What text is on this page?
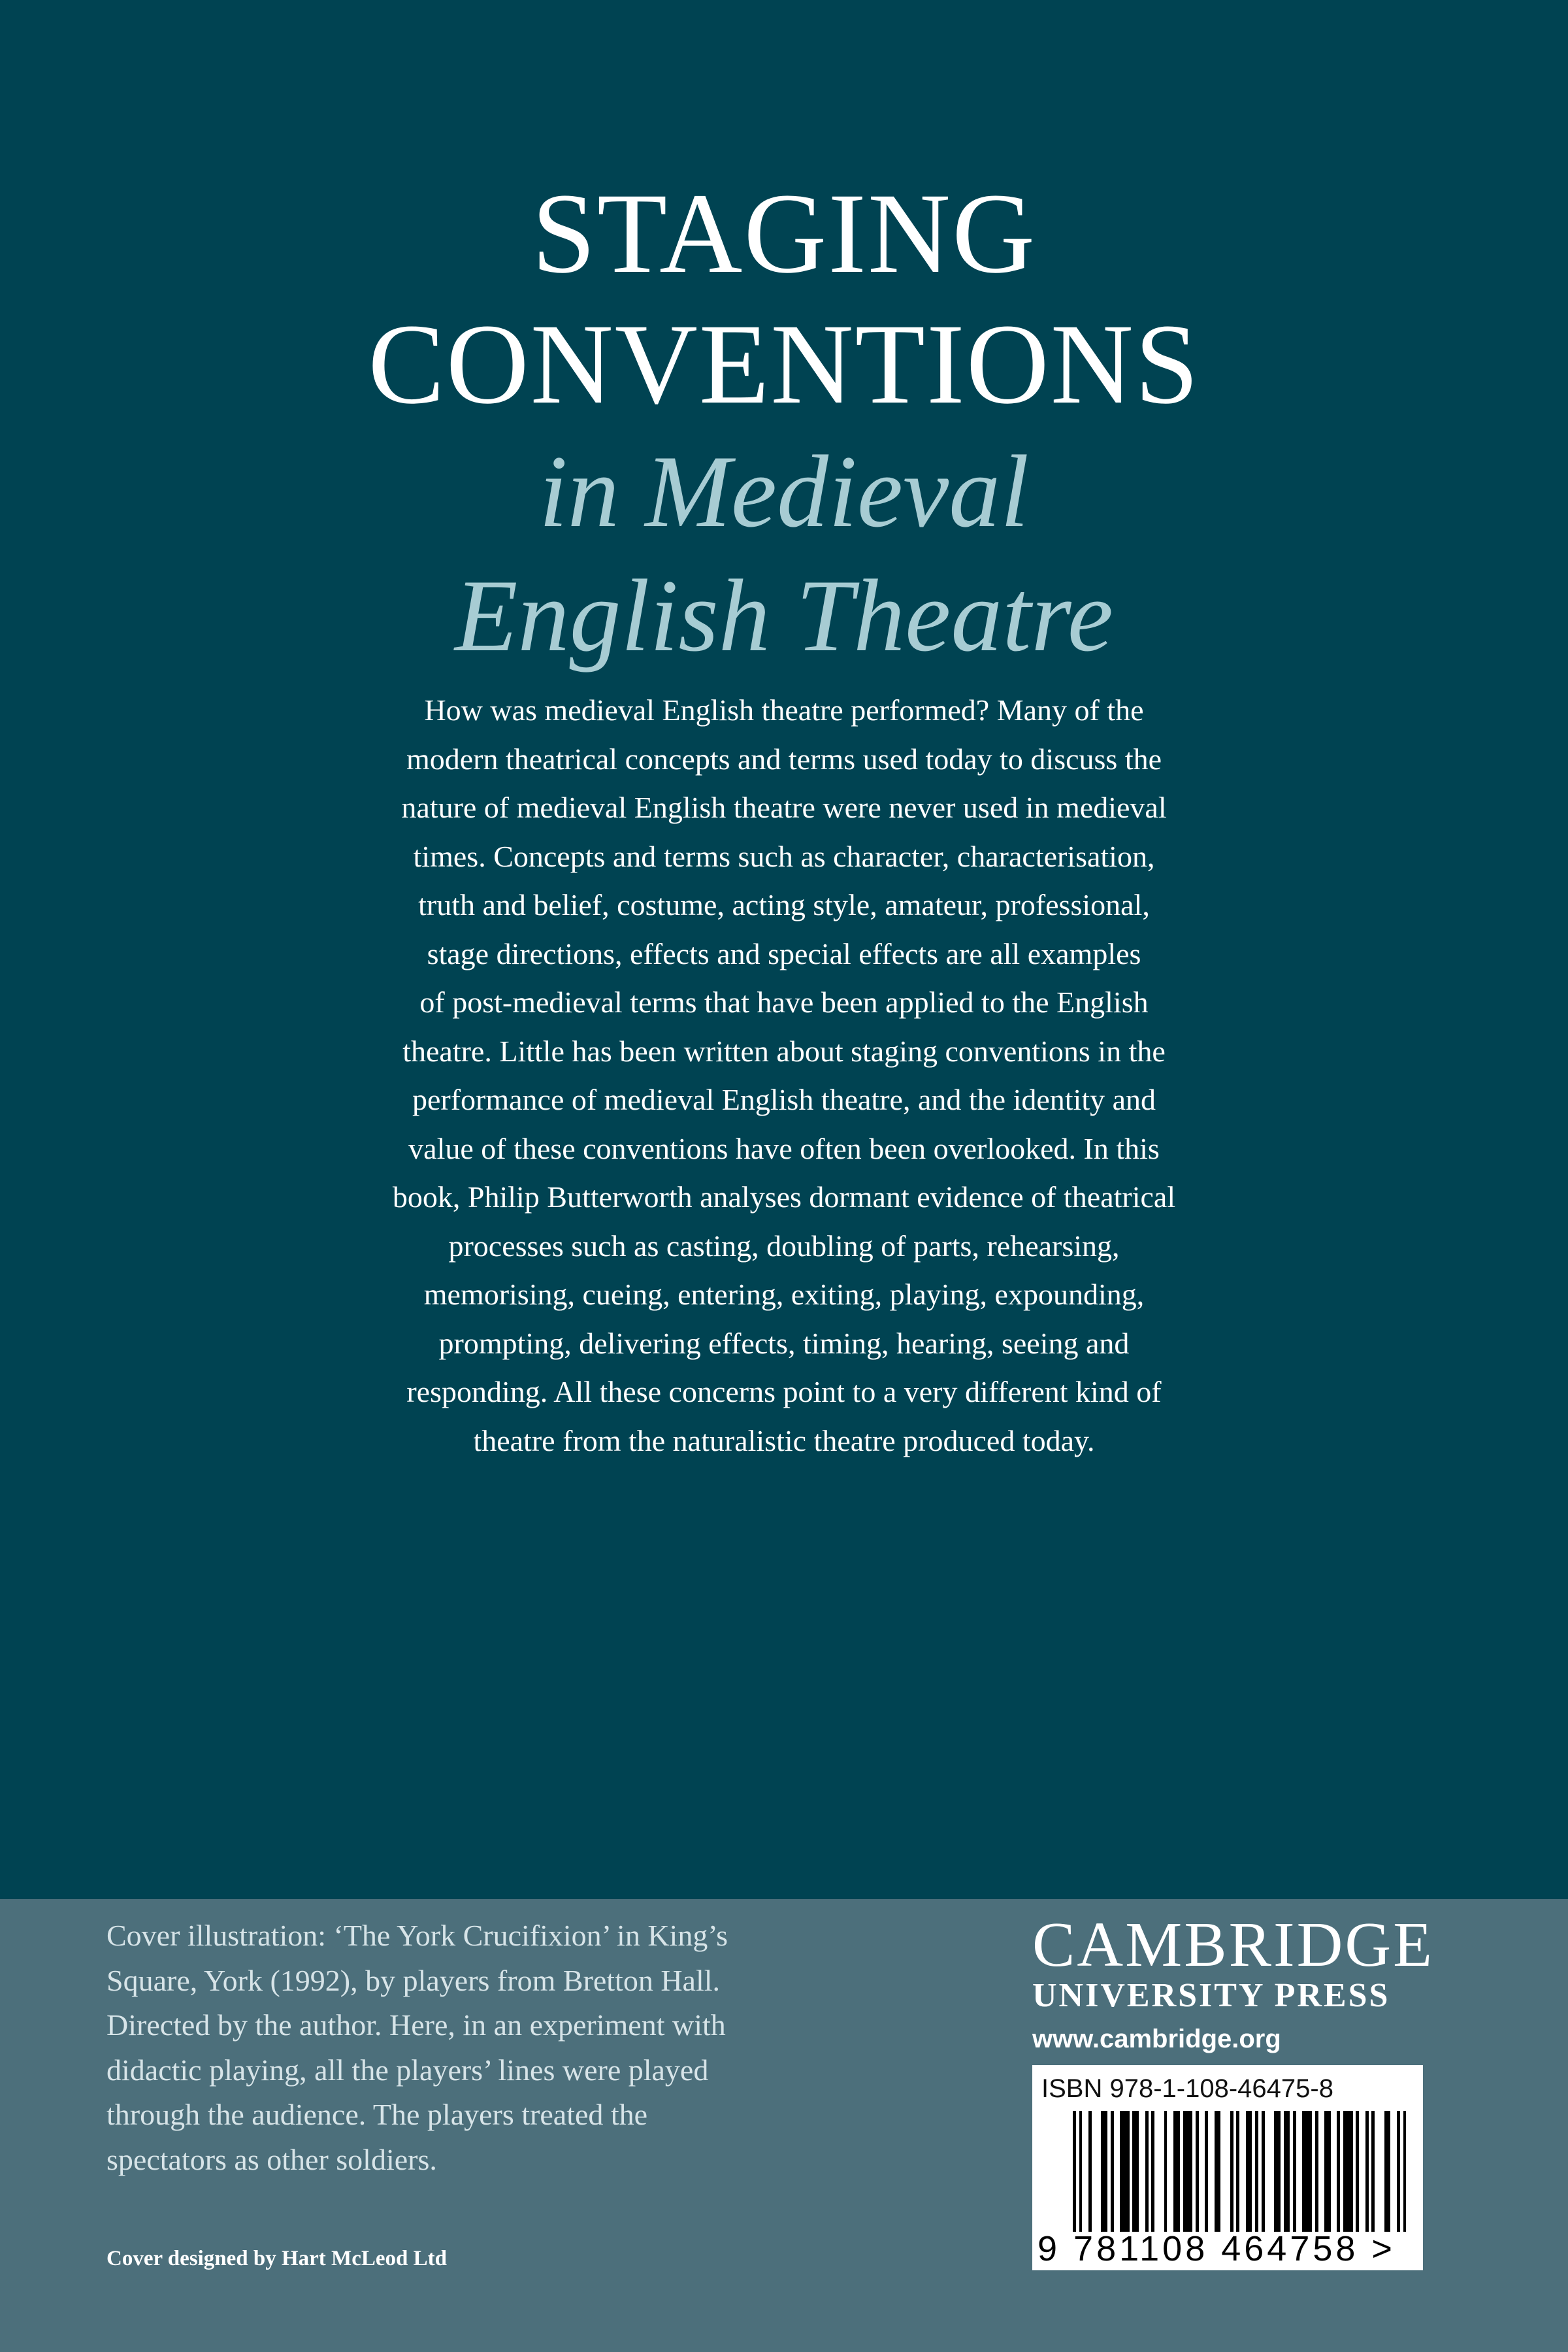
STAGING
CONVENTIONS
in Medieval
English Theatre

How was medieval English theatre performed? Many of the

modern theatrical concepts and terms used today to discuss the

nature of medieval English theatre were never used in medieval

times. Concepts and terms such as character, characterisation,

truth and belief, costume, acting style, amateur, professional,

stage directions, effects and special effects are all examples

of post-medieval terms that have been applied to the English

theatre. Little has been written about staging conventions in the

performance of medieval English theatre, and the identity and

value of these conventions have often been overlooked. In this

book, Philip Butterworth analyses dormant evidence of theatrical

processes such as casting, doubling of parts, rehearsing,

memorising, cueing, entering, exiting, playing, expounding,

prompting, delivering effects, timing, hearing, seeing and

responding. All these concerns point to a very different kind of

theatre from the naturalistic theatre produced today.

Cover illustration: ‘The York Crucifixion’ in King’s

Square, York (1992), by players from Bretton Hall.

Directed by the author. Here, in an experiment with

didactic playing, all the players’ lines were played

through the audience. The players treated the

spectators as other soldiers.

Cover designed by Hart McLeod Ltd
CAMBRIDGE
UNIVERSITY PRESS
www.cambridge.org
ISBN 978-1-108-46475-8
9 781108 464758 >
